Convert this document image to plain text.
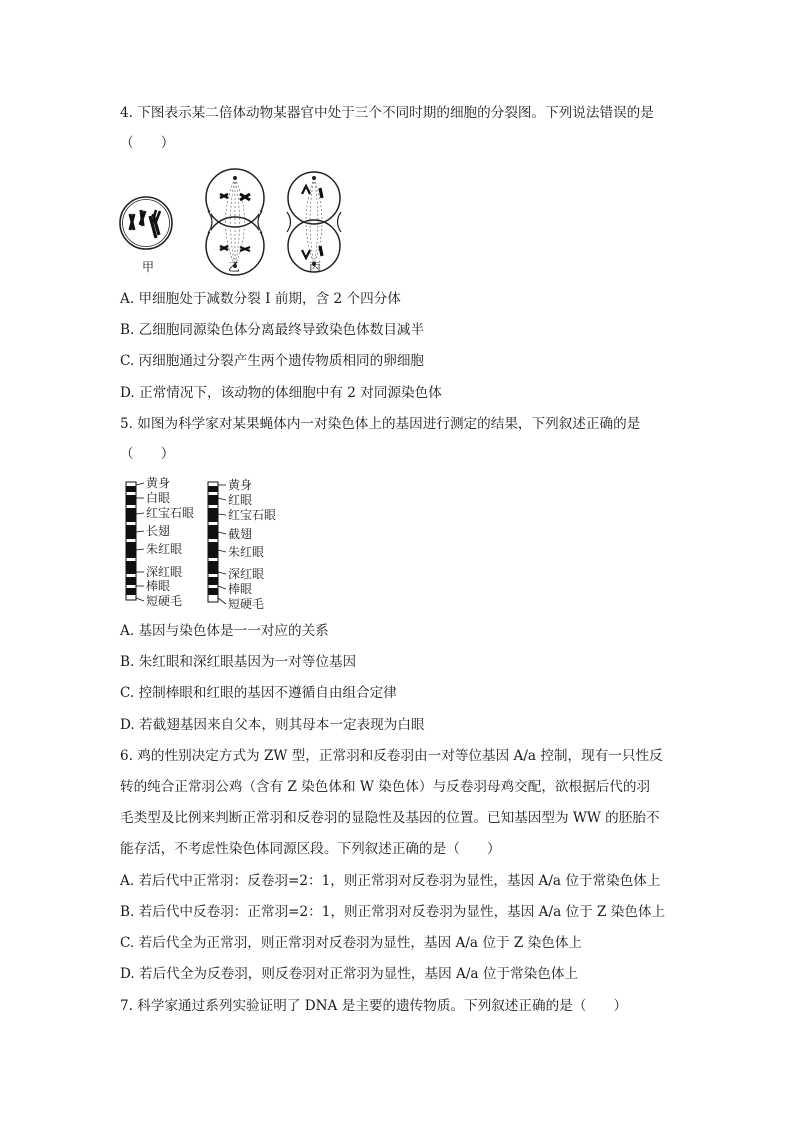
4. 下图表示某二倍体动物某器官中处于三个不同时期的细胞的分裂图。下列说法错误的是
（　　）
甲	乙	丙
A. 甲细胞处于减数分裂 I 前期，含 2 个四分体
B. 乙细胞同源染色体分离最终导致染色体数目减半
C. 丙细胞通过分裂产生两个遗传物质相同的卵细胞
D. 正常情况下，该动物的体细胞中有 2 对同源染色体
5. 如图为科学家对某果蝇体内一对染色体上的基因进行测定的结果，下列叙述正确的是
（　　）
黄身
白眼
红宝石眼
长翅
朱红眼
深红眼
棒眼
短硬毛
黄身
红眼
红宝石眼
截翅
朱红眼
深红眼
棒眼
短硬毛
A. 基因与染色体是一一对应的关系
B. 朱红眼和深红眼基因为一对等位基因
C. 控制棒眼和红眼的基因不遵循自由组合定律
D. 若截翅基因来自父本，则其母本一定表现为白眼
6. 鸡的性别决定方式为 ZW 型，正常羽和反卷羽由一对等位基因 A/a 控制，现有一只性反
转的纯合正常羽公鸡（含有 Z 染色体和 W 染色体）与反卷羽母鸡交配，欲根据后代的羽
毛类型及比例来判断正常羽和反卷羽的显隐性及基因的位置。已知基因型为 WW 的胚胎不
能存活，不考虑性染色体同源区段。下列叙述正确的是（　　）
A. 若后代中正常羽：反卷羽=2：1，则正常羽对反卷羽为显性，基因 A/a 位于常染色体上
B. 若后代中反卷羽：正常羽=2：1，则正常羽对反卷羽为显性，基因 A/a 位于 Z 染色体上
C. 若后代全为正常羽，则正常羽对反卷羽为显性，基因 A/a 位于 Z 染色体上
D. 若后代全为反卷羽，则反卷羽对正常羽为显性，基因 A/a 位于常染色体上
7. 科学家通过系列实验证明了 DNA 是主要的遗传物质。下列叙述正确的是（　　）
